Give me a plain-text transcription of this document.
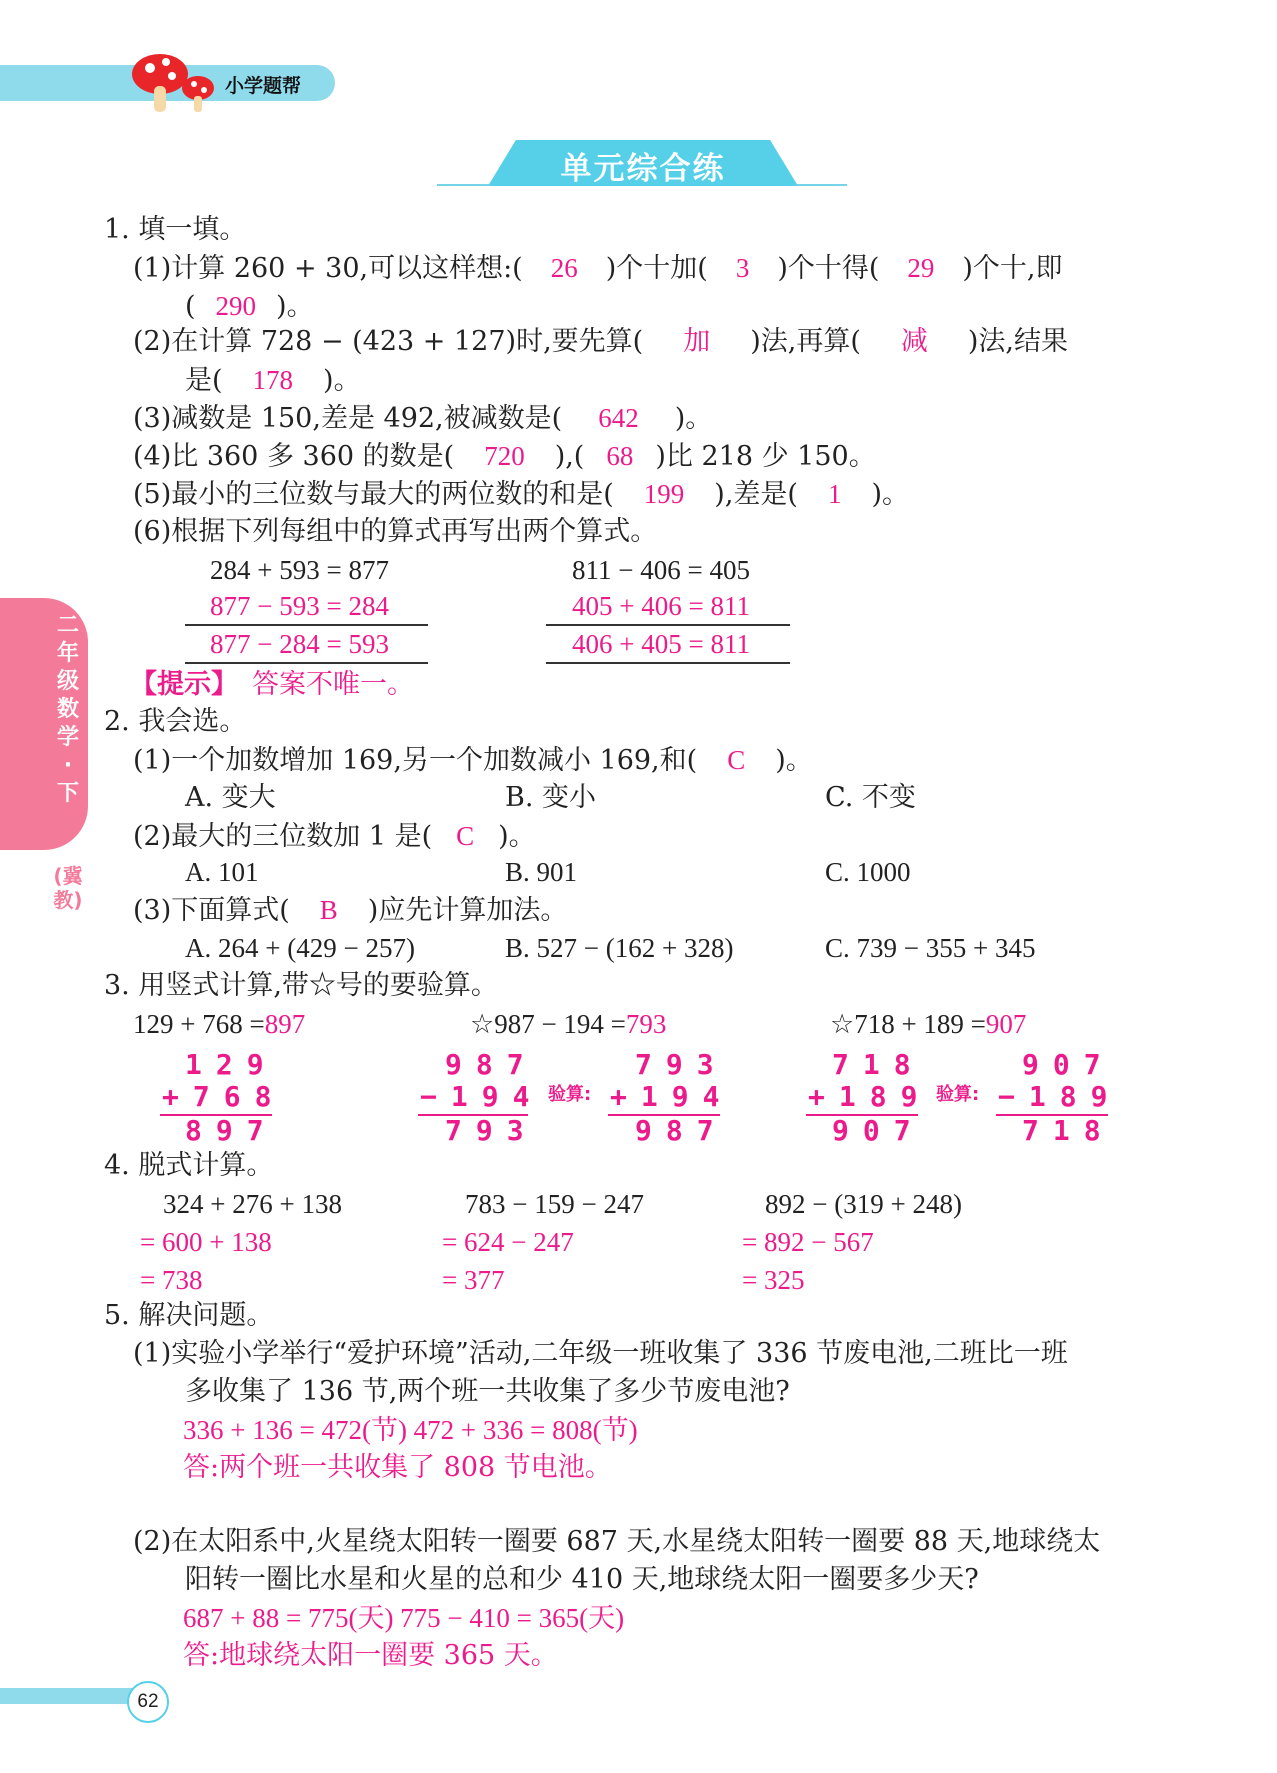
小学题帮
单元综合练
二年级数学·下
(冀教)
1. 填一填。
(1)计算 260 + 30,可以这样想:( 26 )个十加( 3 )个十得( 29 )个十,即
( 290 )。
(2)在计算 728 − (423 + 127)时,要先算( 加 )法,再算( 减 )法,结果
是( 178 )。
(3)减数是 150,差是 492,被减数是( 642 )。
(4)比 360 多 360 的数是( 720 ),( 68 )比 218 少 150。
(5)最小的三位数与最大的两位数的和是( 199 ),差是( 1 )。
(6)根据下列每组中的算式再写出两个算式。
284 + 593 = 877
877 − 593 = 284
877 − 284 = 593
811 − 406 = 405
405 + 406 = 811
406 + 405 = 811
【提示】 答案不唯一。
2. 我会选。
(1)一个加数增加 169,另一个加数减小 169,和( C )。
A. 变大	B. 变小	C. 不变
(2)最大的三位数加 1 是( C )。
A. 101	B. 901	C. 1000
(3)下面算式( B )应先计算加法。
A. 264 + (429 − 257)	B. 527 − (162 + 328)	C. 739 − 355 + 345
3. 用竖式计算,带☆号的要验算。
129 + 768 =897	☆987 − 194 =793	☆718 + 189 =907
129
+768
897
987
−194
793
验算:
793
+194
987
718
+189
907
验算:
907
−189
718
4. 脱式计算。
324 + 276 + 138
= 600 + 138
= 738
783 − 159 − 247
= 624 − 247
= 377
892 − (319 + 248)
= 892 − 567
= 325
5. 解决问题。
(1)实验小学举行“爱护环境”活动,二年级一班收集了 336 节废电池,二班比一班
多收集了 136 节,两个班一共收集了多少节废电池?
336 + 136 = 472(节) 472 + 336 = 808(节)
答:两个班一共收集了 808 节电池。
(2)在太阳系中,火星绕太阳转一圈要 687 天,水星绕太阳转一圈要 88 天,地球绕太
阳转一圈比水星和火星的总和少 410 天,地球绕太阳一圈要多少天?
687 + 88 = 775(天) 775 − 410 = 365(天)
答:地球绕太阳一圈要 365 天。
62
